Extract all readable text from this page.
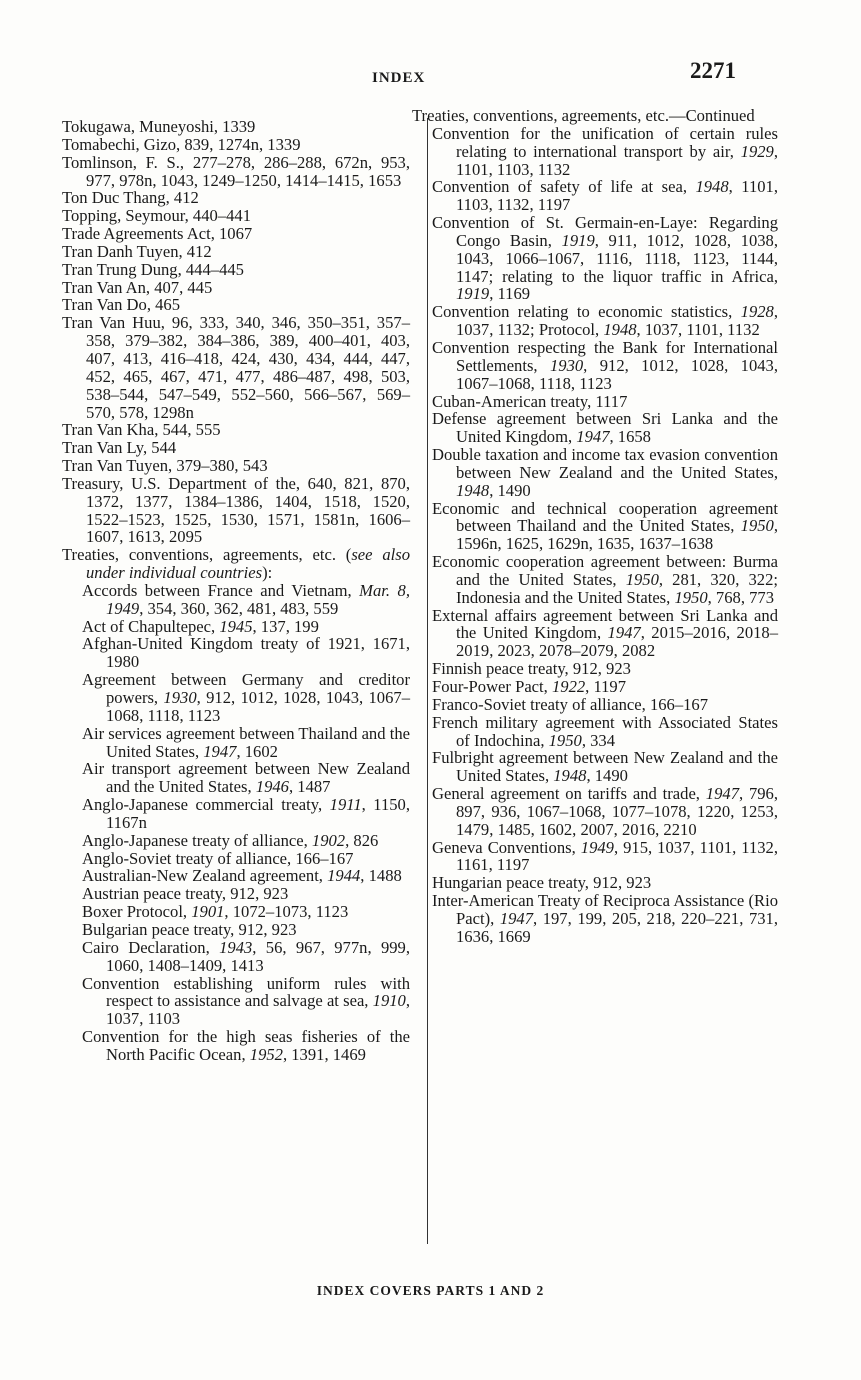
INDEX	2271

Tokugawa, Muneyoshi, 1339

Tomabechi, Gizo, 839, 1274n, 1339

Tomlinson, F. S., 277–278, 286–288, 672n, 953, 977, 978n, 1043, 1249–1250, 1414–1415, 1653

Ton Duc Thang, 412

Topping, Seymour, 440–441

Trade Agreements Act, 1067

Tran Danh Tuyen, 412

Tran Trung Dung, 444–445

Tran Van An, 407, 445

Tran Van Do, 465

Tran Van Huu, 96, 333, 340, 346, 350–351, 357–358, 379–382, 384–386, 389, 400–401, 403, 407, 413, 416–418, 424, 430, 434, 444, 447, 452, 465, 467, 471, 477, 486–487, 498, 503, 538–544, 547–549, 552–560, 566–567, 569–570, 578, 1298n

Tran Van Kha, 544, 555

Tran Van Ly, 544

Tran Van Tuyen, 379–380, 543

Treasury, U.S. Department of the, 640, 821, 870, 1372, 1377, 1384–1386, 1404, 1518, 1520, 1522–1523, 1525, 1530, 1571, 1581n, 1606–1607, 1613, 2095

Treaties, conventions, agreements, etc. (see also under individual countries):

Accords between France and Vietnam, Mar. 8, 1949, 354, 360, 362, 481, 483, 559

Act of Chapultepec, 1945, 137, 199

Afghan-United Kingdom treaty of 1921, 1671, 1980

Agreement between Germany and creditor powers, 1930, 912, 1012, 1028, 1043, 1067–1068, 1118, 1123

Air services agreement between Thailand and the United States, 1947, 1602

Air transport agreement between New Zealand and the United States, 1946, 1487

Anglo-Japanese commercial treaty, 1911, 1150, 1167n

Anglo-Japanese treaty of alliance, 1902, 826

Anglo-Soviet treaty of alliance, 166–167

Australian-New Zealand agreement, 1944, 1488

Austrian peace treaty, 912, 923

Boxer Protocol, 1901, 1072–1073, 1123

Bulgarian peace treaty, 912, 923

Cairo Declaration, 1943, 56, 967, 977n, 999, 1060, 1408–1409, 1413

Convention establishing uniform rules with respect to assistance and salvage at sea, 1910, 1037, 1103

Convention for the high seas fisheries of the North Pacific Ocean, 1952, 1391, 1469

Treaties, conventions, agreements, etc.—Continued

Convention for the unification of certain rules relating to international transport by air, 1929, 1101, 1103, 1132

Convention of safety of life at sea, 1948, 1101, 1103, 1132, 1197

Convention of St. Germain-en-Laye: Regarding Congo Basin, 1919, 911, 1012, 1028, 1038, 1043, 1066–1067, 1116, 1118, 1123, 1144, 1147; relating to the liquor traffic in Africa, 1919, 1169

Convention relating to economic statistics, 1928, 1037, 1132; Protocol, 1948, 1037, 1101, 1132

Convention respecting the Bank for International Settlements, 1930, 912, 1012, 1028, 1043, 1067–1068, 1118, 1123

Cuban-American treaty, 1117

Defense agreement between Sri Lanka and the United Kingdom, 1947, 1658

Double taxation and income tax evasion convention between New Zealand and the United States, 1948, 1490

Economic and technical cooperation agreement between Thailand and the United States, 1950, 1596n, 1625, 1629n, 1635, 1637–1638

Economic cooperation agreement between: Burma and the United States, 1950, 281, 320, 322; Indonesia and the United States, 1950, 768, 773

External affairs agreement between Sri Lanka and the United Kingdom, 1947, 2015–2016, 2018–2019, 2023, 2078–2079, 2082

Finnish peace treaty, 912, 923

Four-Power Pact, 1922, 1197

Franco-Soviet treaty of alliance, 166–167

French military agreement with Associated States of Indochina, 1950, 334

Fulbright agreement between New Zealand and the United States, 1948, 1490

General agreement on tariffs and trade, 1947, 796, 897, 936, 1067–1068, 1077–1078, 1220, 1253, 1479, 1485, 1602, 2007, 2016, 2210

Geneva Conventions, 1949, 915, 1037, 1101, 1132, 1161, 1197

Hungarian peace treaty, 912, 923

Inter-American Treaty of Reciproca Assistance (Rio Pact), 1947, 197, 199, 205, 218, 220–221, 731, 1636, 1669

INDEX COVERS PARTS 1 AND 2
